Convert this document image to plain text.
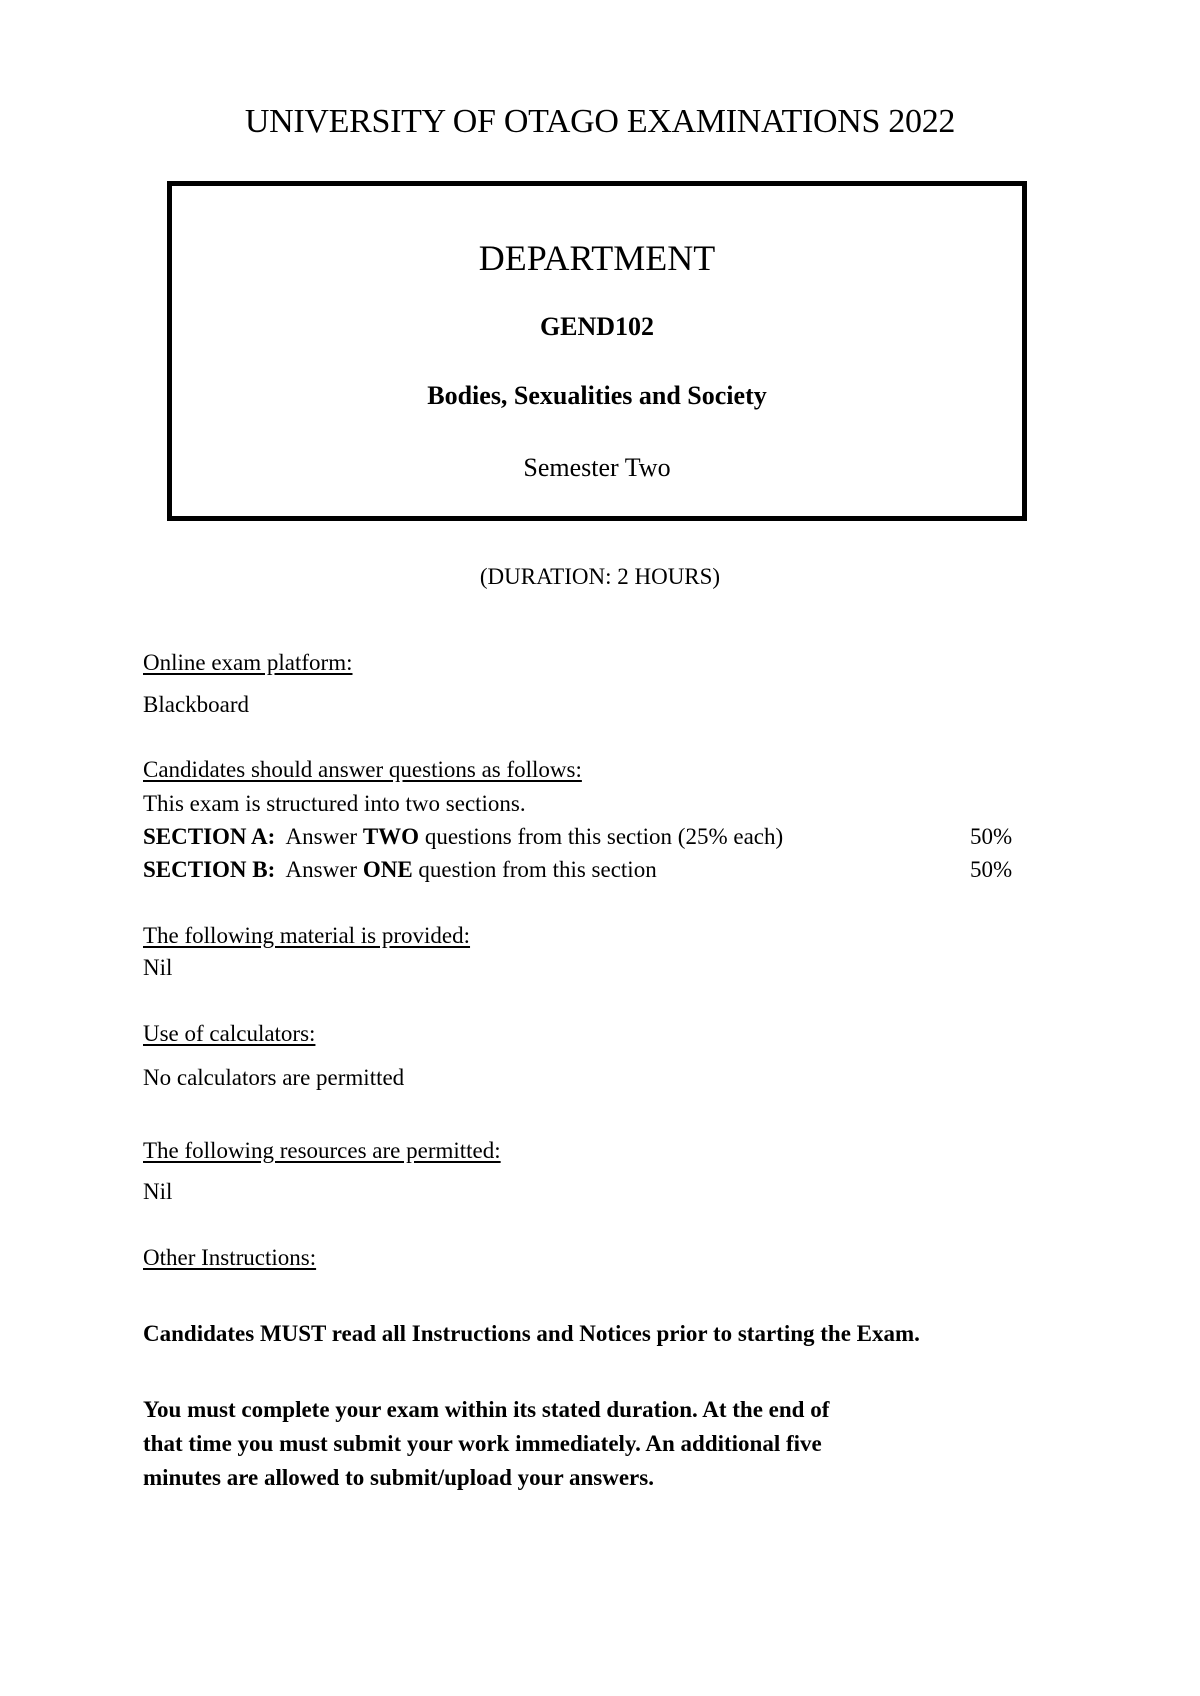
UNIVERSITY OF OTAGO EXAMINATIONS 2022
DEPARTMENT
GEND102
Bodies, Sexualities and Society
Semester Two
(DURATION: 2 HOURS)
Online exam platform:
Blackboard
Candidates should answer questions as follows:
This exam is structured into two sections.
SECTION A: Answer TWO questions from this section (25% each)	50%
SECTION B: Answer ONE question from this section	50%
The following material is provided:
Nil
Use of calculators:
No calculators are permitted
The following resources are permitted:
Nil
Other Instructions:
Candidates MUST read all Instructions and Notices prior to starting the Exam.
You must complete your exam within its stated duration. At the end of
that time you must submit your work immediately. An additional five
minutes are allowed to submit/upload your answers.
